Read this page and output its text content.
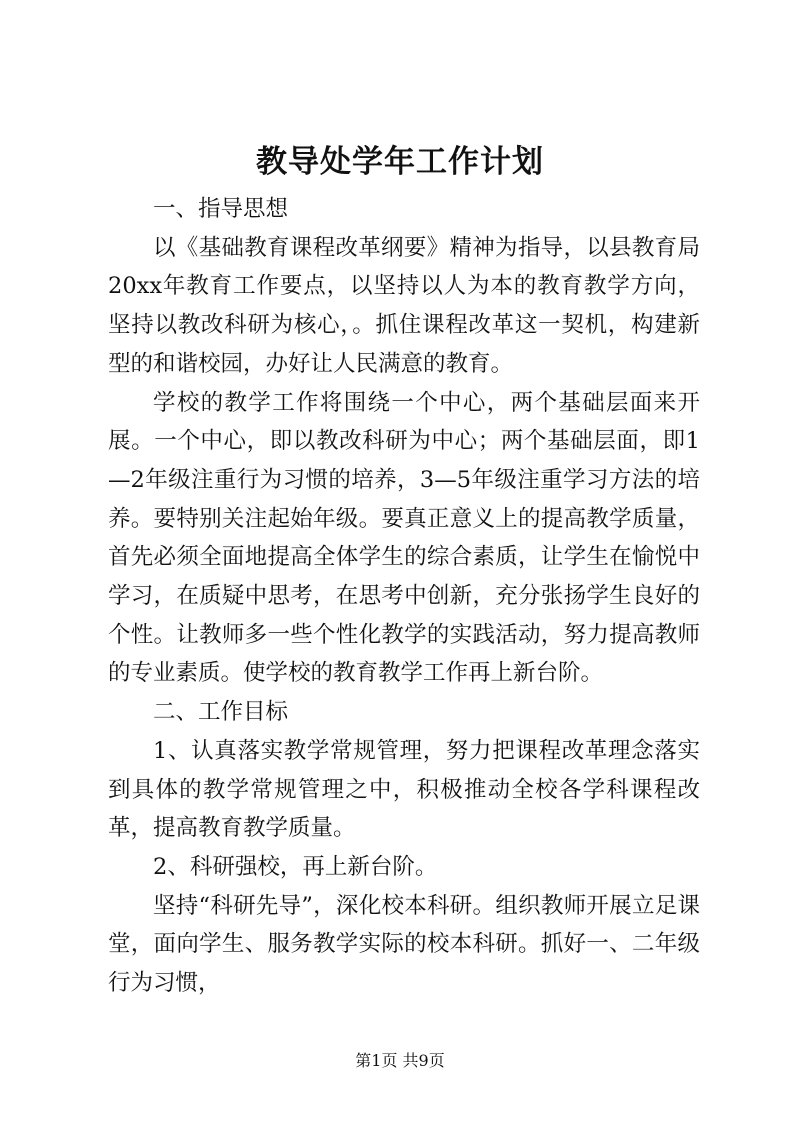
教导处学年工作计划

一、指导思想

以《基础教育课程改革纲要》精神为指导，以县教育局20xx年教育工作要点，以坚持以人为本的教育教学方向，坚持以教改科研为核心，。抓住课程改革这一契机，构建新型的和谐校园，办好让人民满意的教育。

学校的教学工作将围绕一个中心，两个基础层面来开展。一个中心，即以教改科研为中心；两个基础层面，即1—2年级注重行为习惯的培养，3—5年级注重学习方法的培养。要特别关注起始年级。要真正意义上的提高教学质量，首先必须全面地提高全体学生的综合素质，让学生在愉悦中学习，在质疑中思考，在思考中创新，充分张扬学生良好的个性。让教师多一些个性化教学的实践活动，努力提高教师的专业素质。使学校的教育教学工作再上新台阶。

二、工作目标

1、认真落实教学常规管理，努力把课程改革理念落实到具体的教学常规管理之中，积极推动全校各学科课程改革，提高教育教学质量。

2、科研强校，再上新台阶。

坚持“科研先导”，深化校本科研。组织教师开展立足课堂，面向学生、服务教学实际的校本科研。抓好一、二年级行为习惯，

第1页 共9页
